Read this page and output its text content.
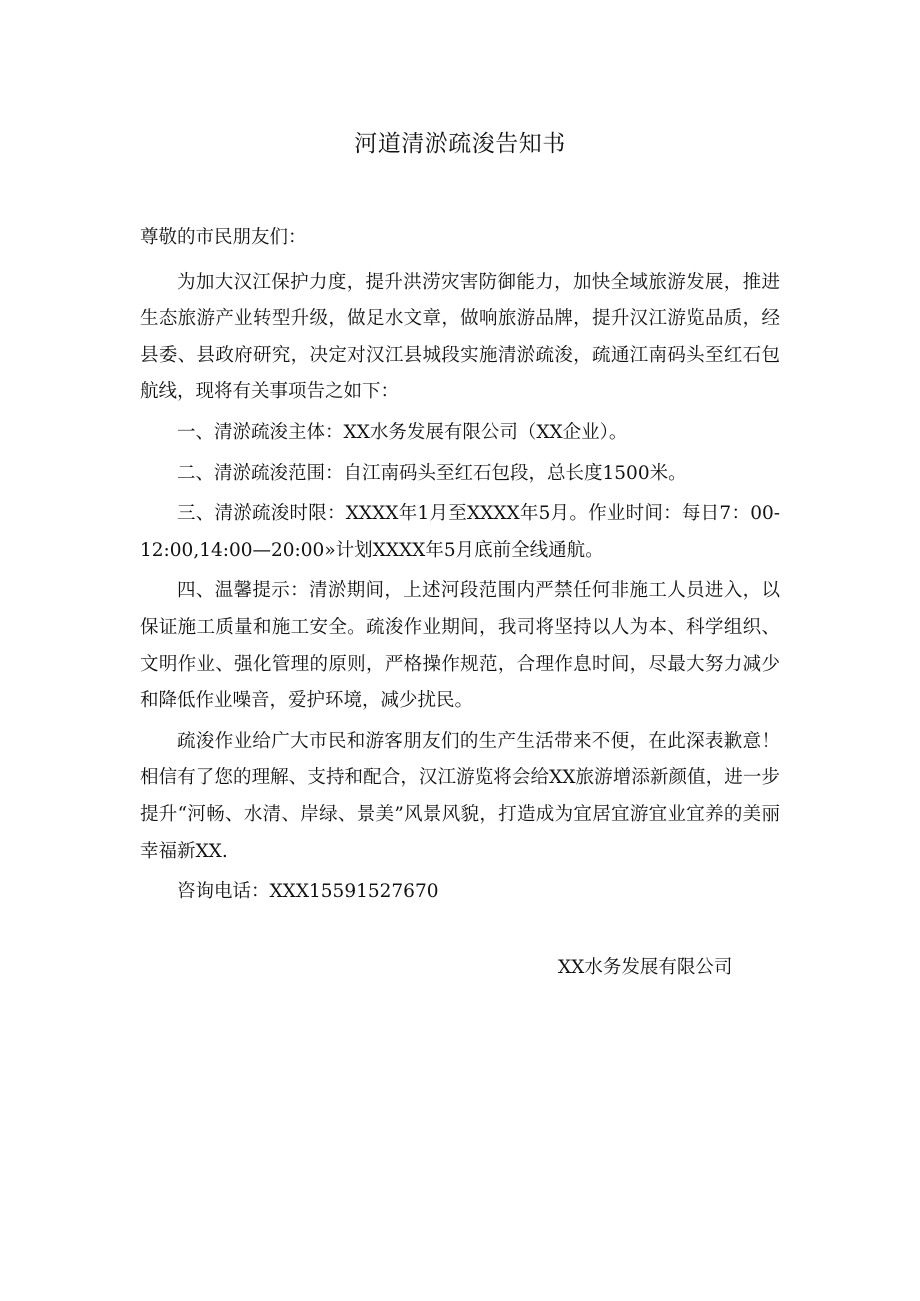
河道清淤疏浚告知书

尊敬的市民朋友们：

为加大汉江保护力度，提升洪涝灾害防御能力，加快全域旅游发展，推进生态旅游产业转型升级，做足水文章，做响旅游品牌，提升汉江游览品质，经县委、县政府研究，决定对汉江县城段实施清淤疏浚，疏通江南码头至红石包航线，现将有关事项告之如下：

一、清淤疏浚主体：XX水务发展有限公司（XX企业）。

二、清淤疏浚范围：自江南码头至红石包段，总长度1500米。

三、清淤疏浚时限：XXXX年1月至XXXX年5月。作业时间：每日7：00-12:00,14:00—20:00»计划XXXX年5月底前全线通航。

四、温馨提示：清淤期间，上述河段范围内严禁任何非施工人员进入，以保证施工质量和施工安全。疏浚作业期间，我司将坚持以人为本、科学组织、文明作业、强化管理的原则，严格操作规范，合理作息时间，尽最大努力减少和降低作业噪音，爱护环境，减少扰民。

疏浚作业给广大市民和游客朋友们的生产生活带来不便，在此深表歉意！相信有了您的理解、支持和配合，汉江游览将会给XX旅游增添新颜值，进一步提升“河畅、水清、岸绿、景美”风景风貌，打造成为宜居宜游宜业宜养的美丽幸福新XX.

咨询电话：XXX15591527670

XX水务发展有限公司
